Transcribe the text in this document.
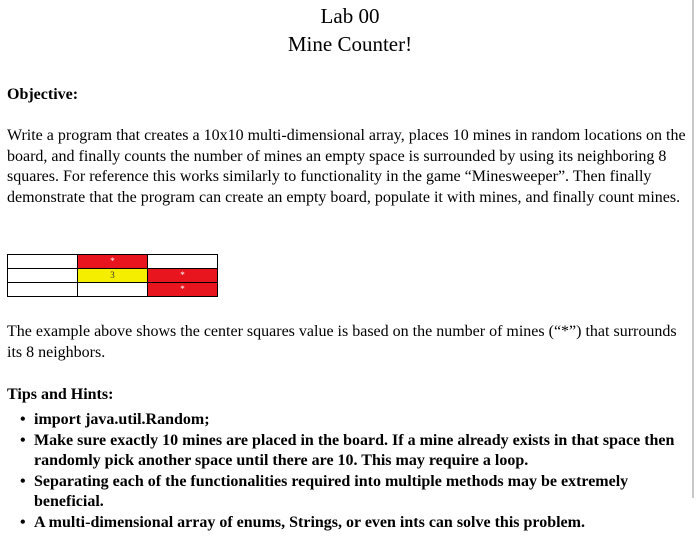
Lab 00
Mine Counter!
Objective:
Write a program that creates a 10x10 multi-dimensional array, places 10 mines in random locations on the board, and finally counts the number of mines an empty space is surrounded by using its neighboring 8 squares. For reference this works similarly to functionality in the game “Minesweeper”. Then finally demonstrate that the program can create an empty board, populate it with mines, and finally count mines.
	*	
	3	*
		*
The example above shows the center squares value is based on the number of mines (“*”) that surrounds its 8 neighbors.
Tips and Hints:
• import java.util.Random;
• Make sure exactly 10 mines are placed in the board. If a mine already exists in that space then randomly pick another space until there are 10. This may require a loop.
• Separating each of the functionalities required into multiple methods may be extremely beneficial.
• A multi-dimensional array of enums, Strings, or even ints can solve this problem.
